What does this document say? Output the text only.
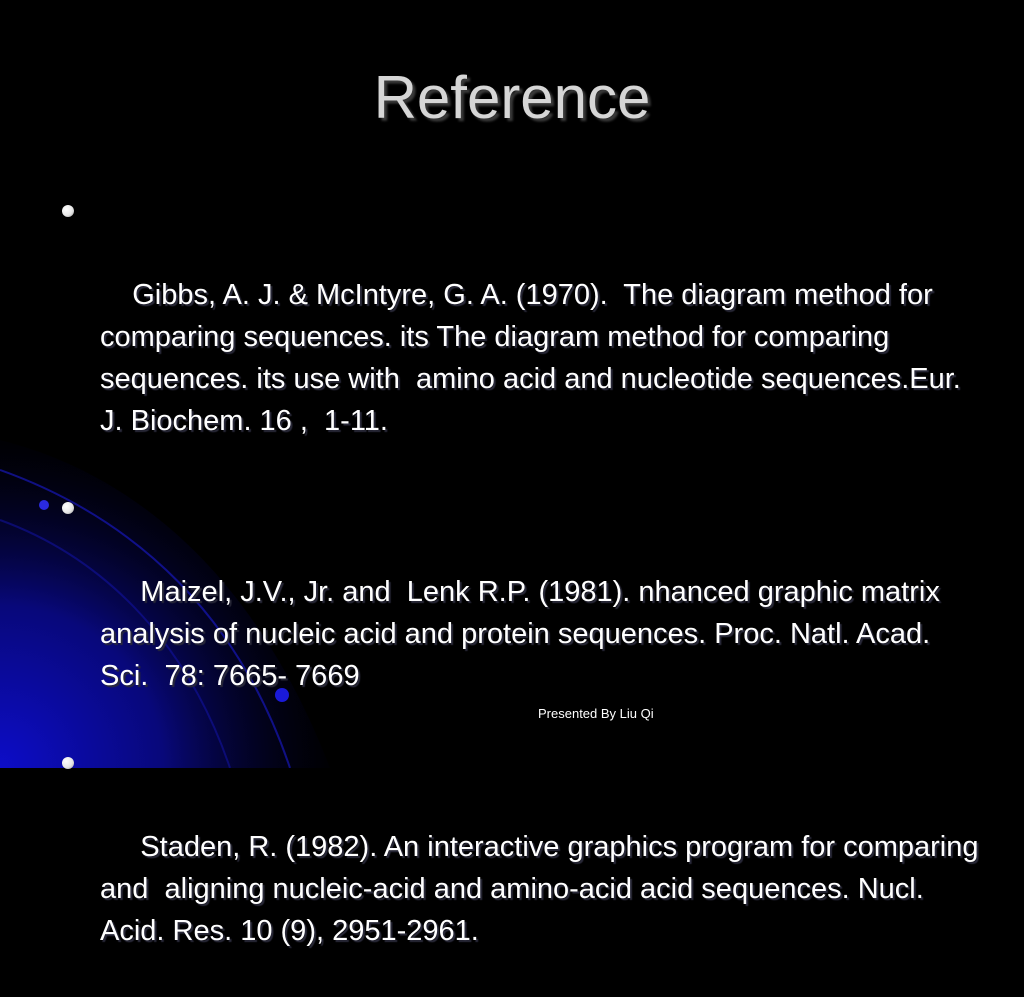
Reference

Gibbs, A. J. & McIntyre, G. A. (1970).  The diagram method for comparing sequences. its The diagram method for comparing sequences. its use with  amino acid and nucleotide sequences.Eur. J. Biochem. 16 ,  1-11.

Maizel, J.V., Jr. and  Lenk R.P. (1981). nhanced graphic matrix analysis of nucleic acid and protein sequences. Proc. Natl. Acad. Sci.  78: 7665- 7669

Staden, R. (1982). An interactive graphics program for comparing and  aligning nucleic-acid and amino-acid acid sequences. Nucl. Acid. Res. 10 (9), 2951-2961.

Presented By Liu Qi
